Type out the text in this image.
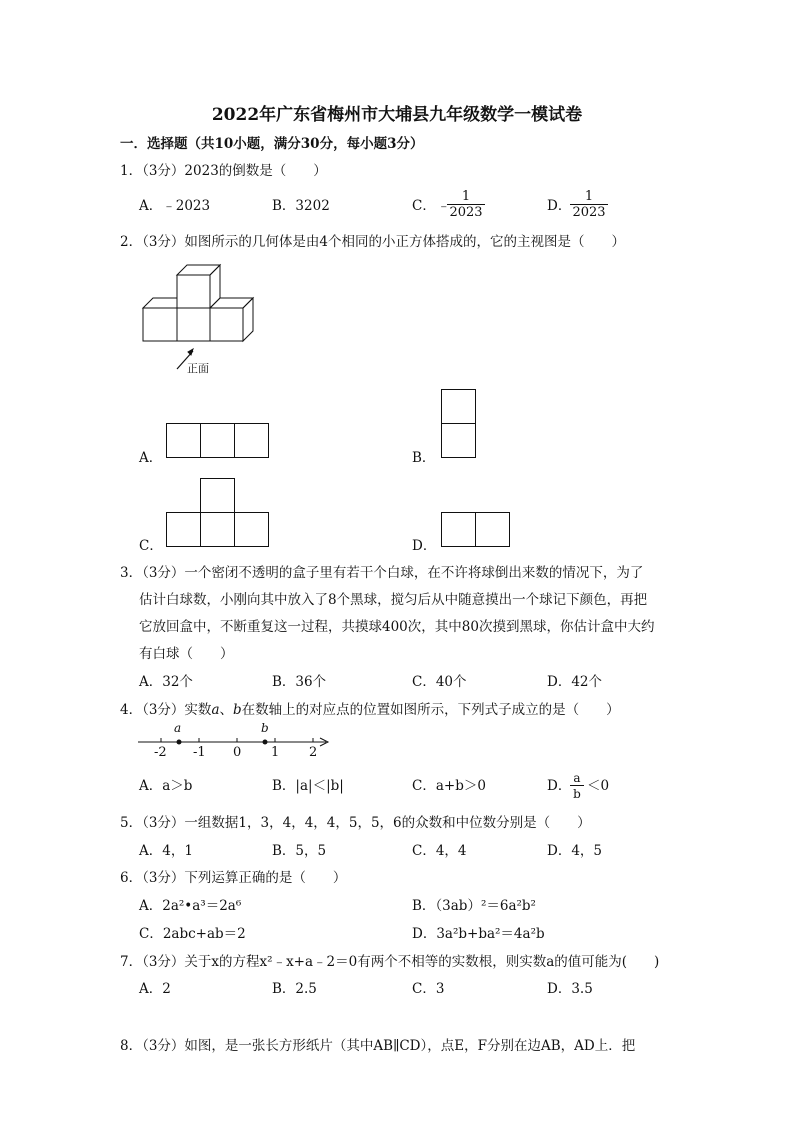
2022年广东省梅州市大埔县九年级数学一模试卷
一．选择题（共10小题，满分30分，每小题3分）
1．（3分）2023的倒数是（　　）
A．﹣2023	B．3202	C． ﹣
$\frac{1}{2023}$	D．
$\frac{1}{2023}$
2．（3分）如图所示的几何体是由4个相同的小正方体搭成的，它的主视图是（　　）
正面
A．	B．
C．	D．
3．（3分）一个密闭不透明的盒子里有若干个白球，在不许将球倒出来数的情况下，为了
估计白球数，小刚向其中放入了8个黑球，搅匀后从中随意摸出一个球记下颜色，再把
它放回盒中，不断重复这一过程，共摸球400次，其中80次摸到黑球，你估计盒中大约
有白球（　　）
A．32个	B．36个	C．40个	D．42个
4．（3分）实数a、b在数轴上的对应点的位置如图所示，下列式子成立的是（　　）
a	b
-2 -1 0 1 2
A．a＞b	B．|a|＜|b|	C．a+b＞0	D．
$\frac{a}{b} <0$
5．（3分）一组数据1，3，4，4，4，5，5，6的众数和中位数分别是（　　）
A．4，1	B．5，5	C．4，4	D．4，5
6．（3分）下列运算正确的是（　　）
A．2a²•a³＝2a⁶	B．（3ab）²＝6a²b²
C．2abc+ab＝2	D．3a²b+ba²＝4a²b
7．（3分）关于x的方程x²﹣x+a﹣2＝0有两个不相等的实数根，则实数a的值可能为(　　)
A．2	B．2.5	C．3	D．3.5
8．（3分）如图，是一张长方形纸片（其中AB∥CD），点E，F分别在边AB，AD上．把
